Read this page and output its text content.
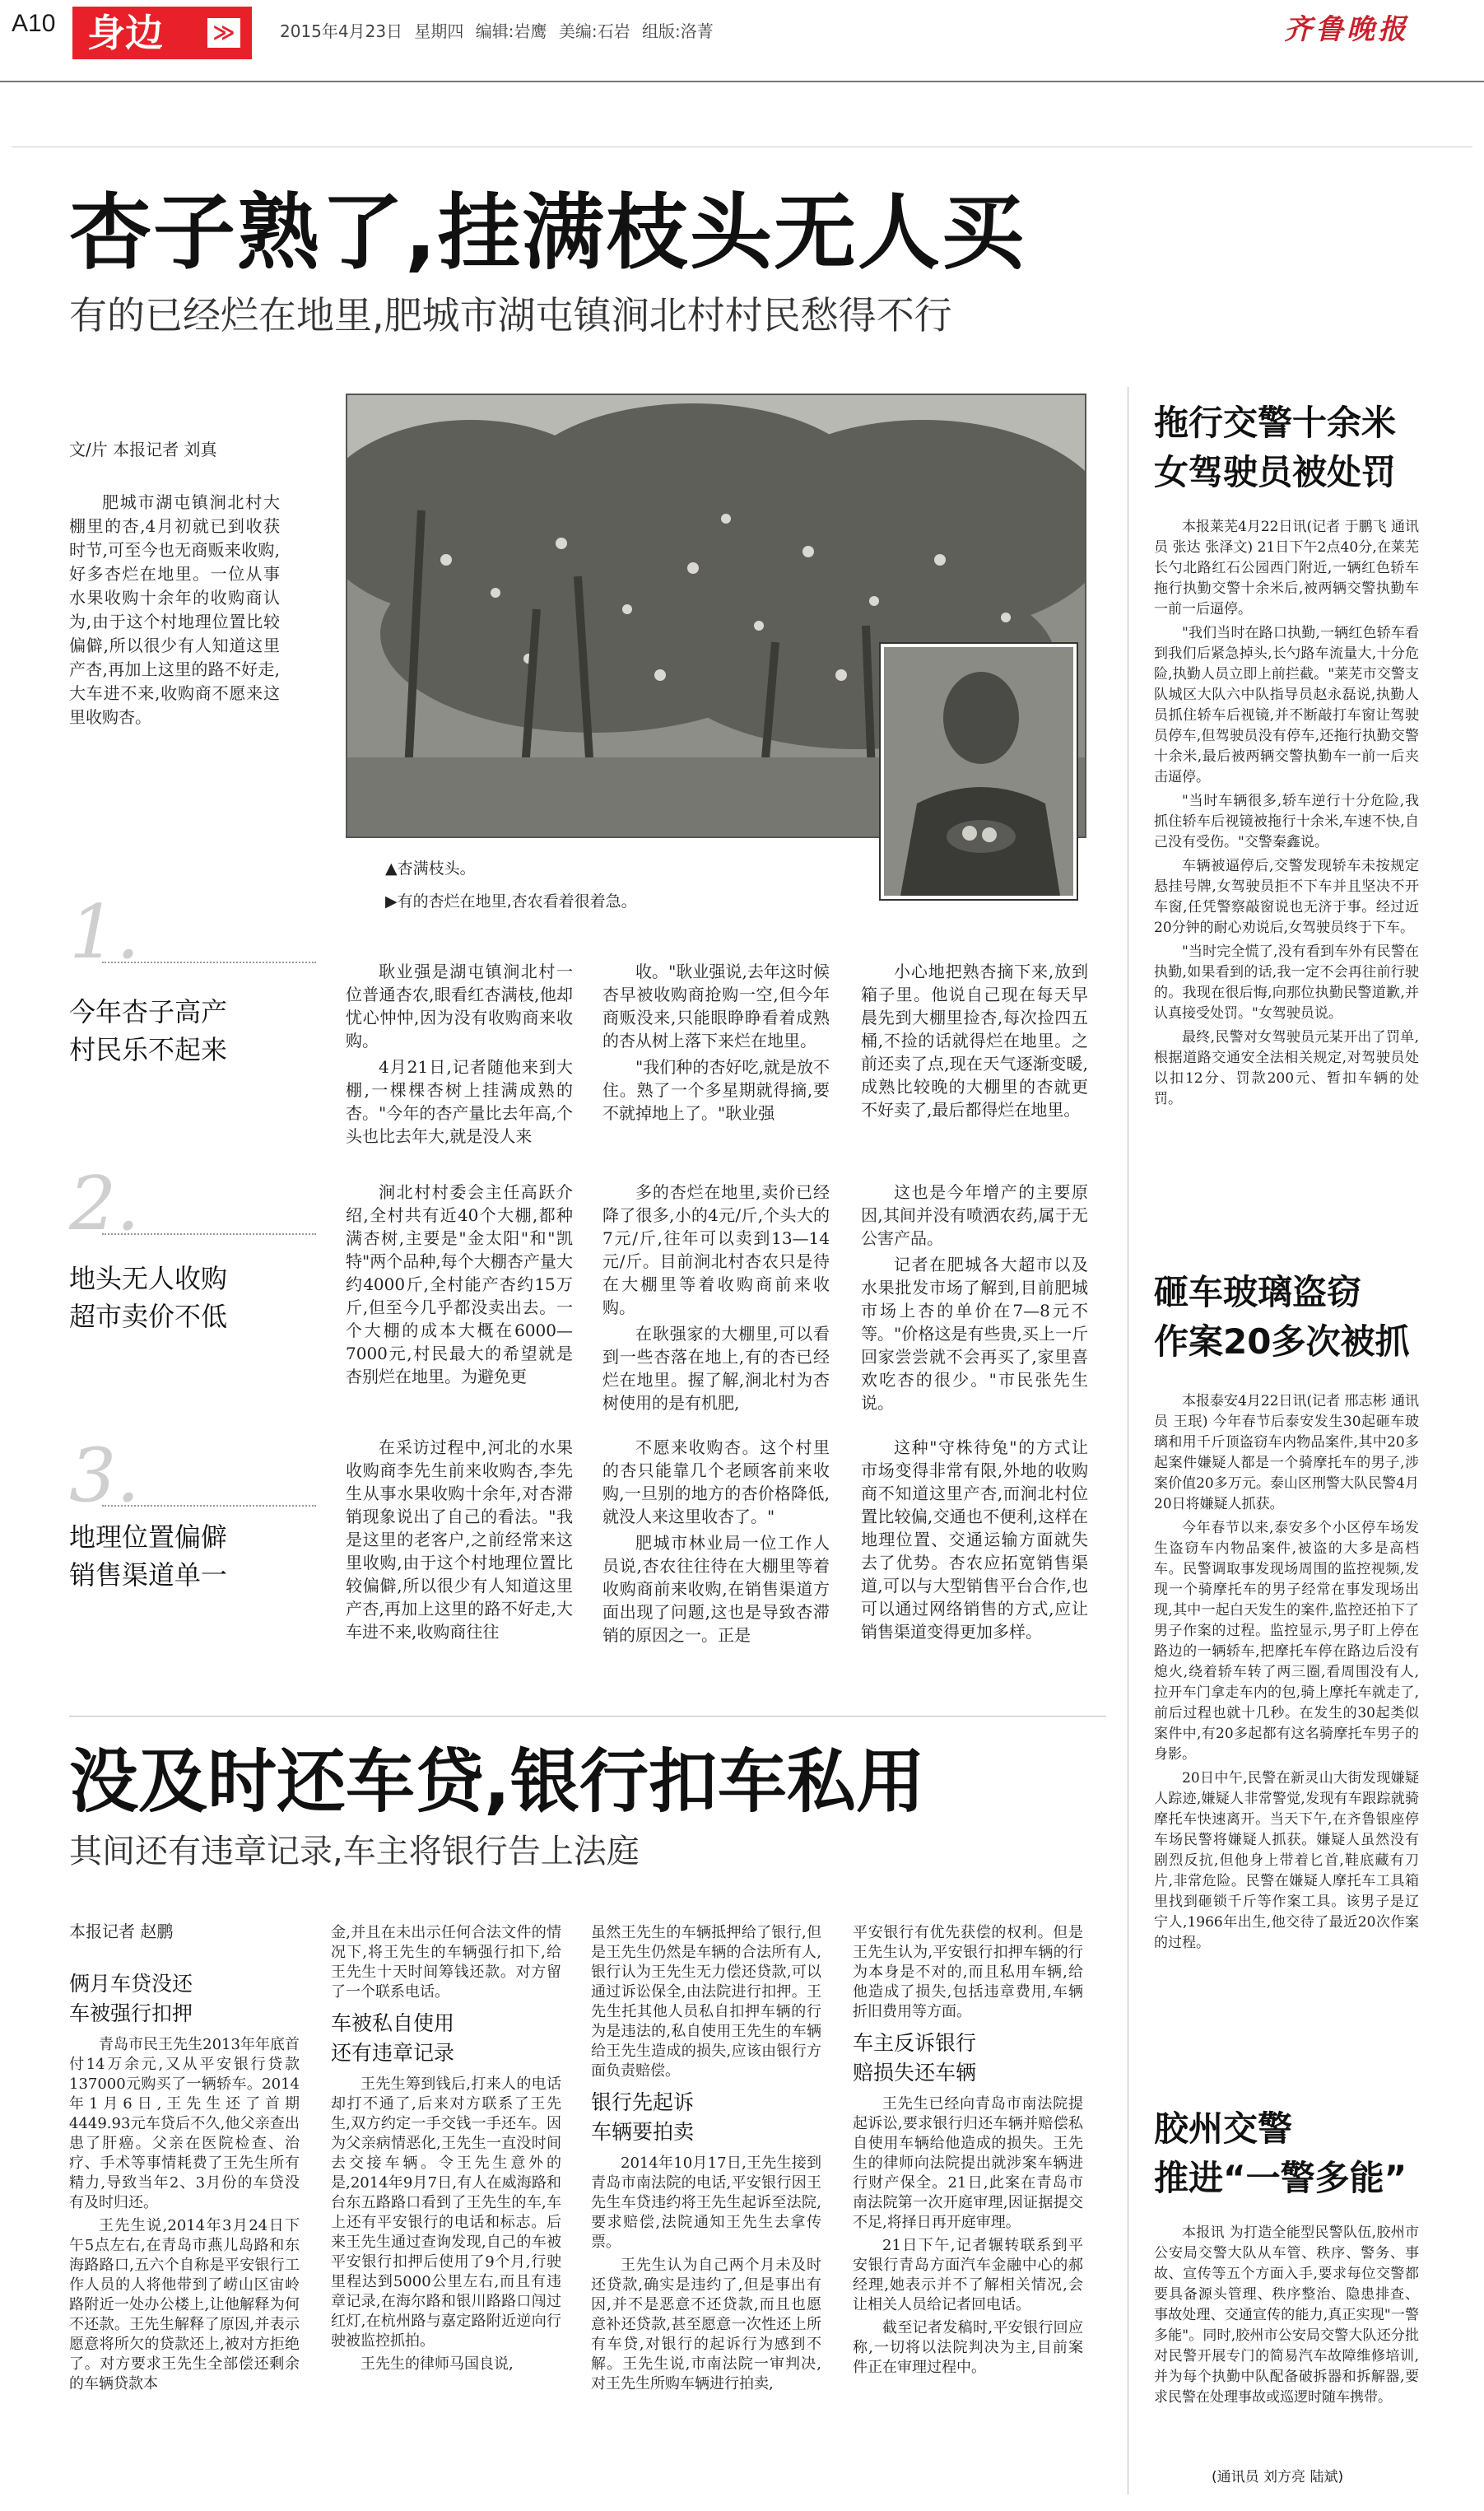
A10 身边 ≫	2015年4月23日 星期四 编辑:岩鹰 美编:石岩 组版:洛菁	齐鲁晚报
杏子熟了,挂满枝头无人买
有的已经烂在地里,肥城市湖屯镇涧北村村民愁得不行
文/片 本报记者 刘真

肥城市湖屯镇涧北村大棚里的杏,4月初就已到收获时节,可至今也无商贩来收购,好多杏烂在地里。一位从事水果收购十余年的收购商认为,由于这个村地理位置比较偏僻,所以很少有人知道这里产杏,再加上这里的路不好走,大车进不来,收购商不愿来这里收购杏。

▲杏满枝头。
▶有的杏烂在地里,杏农看着很着急。
1.
今年杏子高产
村民乐不起来

耿业强是湖屯镇涧北村一位普通杏农,眼看红杏满枝,他却忧心忡忡,因为没有收购商来收购。

4月21日,记者随他来到大棚,一棵棵杏树上挂满成熟的杏。"今年的杏产量比去年高,个头也比去年大,就是没人来

收。"耿业强说,去年这时候杏早被收购商抢购一空,但今年商贩没来,只能眼睁睁看着成熟的杏从树上落下来烂在地里。

"我们种的杏好吃,就是放不住。熟了一个多星期就得摘,要不就掉地上了。"耿业强

小心地把熟杏摘下来,放到箱子里。他说自己现在每天早晨先到大棚里捡杏,每次捡四五桶,不捡的话就得烂在地里。之前还卖了点,现在天气逐渐变暖,成熟比较晚的大棚里的杏就更不好卖了,最后都得烂在地里。

2.
地头无人收购
超市卖价不低

涧北村村委会主任高跃介绍,全村共有近40个大棚,都种满杏树,主要是"金太阳"和"凯特"两个品种,每个大棚杏产量大约4000斤,全村能产杏约15万斤,但至今几乎都没卖出去。一个大棚的成本大概在6000—7000元,村民最大的希望就是杏别烂在地里。为避免更

多的杏烂在地里,卖价已经降了很多,小的4元/斤,个头大的7元/斤,往年可以卖到13—14元/斤。目前涧北村杏农只是待在大棚里等着收购商前来收购。

在耿强家的大棚里,可以看到一些杏落在地上,有的杏已经烂在地里。握了解,涧北村为杏树使用的是有机肥,

这也是今年增产的主要原因,其间并没有喷洒农药,属于无公害产品。

记者在肥城各大超市以及水果批发市场了解到,目前肥城市场上杏的单价在7—8元不等。"价格这是有些贵,买上一斤回家尝尝就不会再买了,家里喜欢吃杏的很少。"市民张先生说。

3.
地理位置偏僻
销售渠道单一

在采访过程中,河北的水果收购商李先生前来收购杏,李先生从事水果收购十余年,对杏滞销现象说出了自己的看法。"我是这里的老客户,之前经常来这里收购,由于这个村地理位置比较偏僻,所以很少有人知道这里产杏,再加上这里的路不好走,大车进不来,收购商往往

不愿来收购杏。这个村里的杏只能靠几个老顾客前来收购,一旦别的地方的杏价格降低,就没人来这里收杏了。"

肥城市林业局一位工作人员说,杏农往往待在大棚里等着收购商前来收购,在销售渠道方面出现了问题,这也是导致杏滞销的原因之一。正是

这种"守株待兔"的方式让市场变得非常有限,外地的收购商不知道这里产杏,而涧北村位置比较偏,交通也不便利,这样在地理位置、交通运输方面就失去了优势。杏农应拓宽销售渠道,可以与大型销售平台合作,也可以通过网络销售的方式,应让销售渠道变得更加多样。

没及时还车贷,银行扣车私用
其间还有违章记录,车主将银行告上法庭
本报记者 赵鹏
俩月车贷没还
车被强行扣押

青岛市民王先生2013年年底首付14万余元,又从平安银行贷款137000元购买了一辆轿车。2014年1月6日,王先生还了首期4449.93元车贷后不久,他父亲查出患了肝癌。父亲在医院检查、治疗、手术等事情耗费了王先生所有精力,导致当年2、3月份的车贷没有及时归还。

王先生说,2014年3月24日下午5点左右,在青岛市燕儿岛路和东海路路口,五六个自称是平安银行工作人员的人将他带到了崂山区宙岭路附近一处办公楼上,让他解释为何不还款。王先生解释了原因,并表示愿意将所欠的贷款还上,被对方拒绝了。对方要求王先生全部偿还剩余的车辆贷款本

金,并且在未出示任何合法文件的情况下,将王先生的车辆强行扣下,给王先生十天时间筹钱还款。对方留了一个联系电话。

车被私自使用
还有违章记录

王先生筹到钱后,打来人的电话却打不通了,后来对方联系了王先生,双方约定一手交钱一手还车。因为父亲病情恶化,王先生一直没时间去交接车辆。令王先生意外的是,2014年9月7日,有人在威海路和台东五路路口看到了王先生的车,车上还有平安银行的电话和标志。后来王先生通过查询发现,自己的车被平安银行扣押后使用了9个月,行驶里程达到5000公里左右,而且有违章记录,在海尔路和银川路路口闯过红灯,在杭州路与嘉定路附近逆向行驶被监控抓拍。

王先生的律师马国良说,

虽然王先生的车辆抵押给了银行,但是王先生仍然是车辆的合法所有人,银行认为王先生无力偿还贷款,可以通过诉讼保全,由法院进行扣押。王先生托其他人员私自扣押车辆的行为是违法的,私自使用王先生的车辆给王先生造成的损失,应该由银行方面负责赔偿。

银行先起诉
车辆要拍卖

2014年10月17日,王先生接到青岛市南法院的电话,平安银行因王先生车贷违约将王先生起诉至法院,要求赔偿,法院通知王先生去拿传票。

王先生认为自己两个月未及时还贷款,确实是违约了,但是事出有因,并不是恶意不还贷款,而且也愿意补还贷款,甚至愿意一次性还上所有车贷,对银行的起诉行为感到不解。王先生说,市南法院一审判决,对王先生所购车辆进行拍卖,

平安银行有优先获偿的权利。但是王先生认为,平安银行扣押车辆的行为本身是不对的,而且私用车辆,给他造成了损失,包括违章费用,车辆折旧费用等方面。

车主反诉银行
赔损失还车辆

王先生已经向青岛市南法院提起诉讼,要求银行归还车辆并赔偿私自使用车辆给他造成的损失。王先生的律师向法院提出就涉案车辆进行财产保全。21日,此案在青岛市南法院第一次开庭审理,因证据提交不足,将择日再开庭审理。

21日下午,记者辗转联系到平安银行青岛方面汽车金融中心的郝经理,她表示并不了解相关情况,会让相关人员给记者回电话。

截至记者发稿时,平安银行回应称,一切将以法院判决为主,目前案件正在审理过程中。

拖行交警十余米
女驾驶员被处罚

本报莱芜4月22日讯(记者 于鹏飞 通讯员 张达 张泽文) 21日下午2点40分,在莱芜长勺北路红石公园西门附近,一辆红色轿车拖行执勤交警十余米后,被两辆交警执勤车一前一后逼停。

"我们当时在路口执勤,一辆红色轿车看到我们后紧急掉头,长勺路车流量大,十分危险,执勤人员立即上前拦截。"莱芜市交警支队城区大队六中队指导员赵永磊说,执勤人员抓住轿车后视镜,并不断敲打车窗让驾驶员停车,但驾驶员没有停车,还拖行执勤交警十余米,最后被两辆交警执勤车一前一后夹击逼停。

"当时车辆很多,轿车逆行十分危险,我抓住轿车后视镜被拖行十余米,车速不快,自己没有受伤。"交警秦鑫说。

车辆被逼停后,交警发现轿车未按规定悬挂号牌,女驾驶员拒不下车并且坚决不开车窗,任凭警察敲窗说也无济于事。经过近20分钟的耐心劝说后,女驾驶员终于下车。

"当时完全慌了,没有看到车外有民警在执勤,如果看到的话,我一定不会再往前行驶的。我现在很后悔,向那位执勤民警道歉,并认真接受处罚。"女驾驶员说。

最终,民警对女驾驶员元某开出了罚单,根据道路交通安全法相关规定,对驾驶员处以扣12分、罚款200元、暂扣车辆的处罚。

砸车玻璃盗窃
作案20多次被抓

本报泰安4月22日讯(记者 邢志彬 通讯员 王珉) 今年春节后泰安发生30起砸车玻璃和用千斤顶盗窃车内物品案件,其中20多起案件嫌疑人都是一个骑摩托车的男子,涉案价值20多万元。泰山区刑警大队民警4月20日将嫌疑人抓获。

今年春节以来,泰安多个小区停车场发生盗窃车内物品案件,被盗的大多是高档车。民警调取事发现场周围的监控视频,发现一个骑摩托车的男子经常在事发现场出现,其中一起白天发生的案件,监控还拍下了男子作案的过程。监控显示,男子盯上停在路边的一辆轿车,把摩托车停在路边后没有熄火,绕着轿车转了两三圈,看周围没有人,拉开车门拿走车内的包,骑上摩托车就走了,前后过程也就十几秒。在发生的30起类似案件中,有20多起都有这名骑摩托车男子的身影。

20日中午,民警在新灵山大街发现嫌疑人踪迹,嫌疑人非常警觉,发现有车跟踪就骑摩托车快速离开。当天下午,在齐鲁银座停车场民警将嫌疑人抓获。嫌疑人虽然没有剧烈反抗,但他身上带着匕首,鞋底藏有刀片,非常危险。民警在嫌疑人摩托车工具箱里找到砸锁千斤等作案工具。该男子是辽宁人,1966年出生,他交待了最近20次作案的过程。

胶州交警
推进“一警多能”

本报讯 为打造全能型民警队伍,胶州市公安局交警大队从车管、秩序、警务、事故、宣传等五个方面入手,要求每位交警都要具备源头管理、秩序整治、隐患排查、事故处理、交通宣传的能力,真正实现"一警多能"。同时,胶州市公安局交警大队还分批对民警开展专门的简易汽车故障维修培训,并为每个执勤中队配备破拆器和拆解器,要求民警在处理事故或巡逻时随车携带。

(通讯员 刘方亮 陆斌)
